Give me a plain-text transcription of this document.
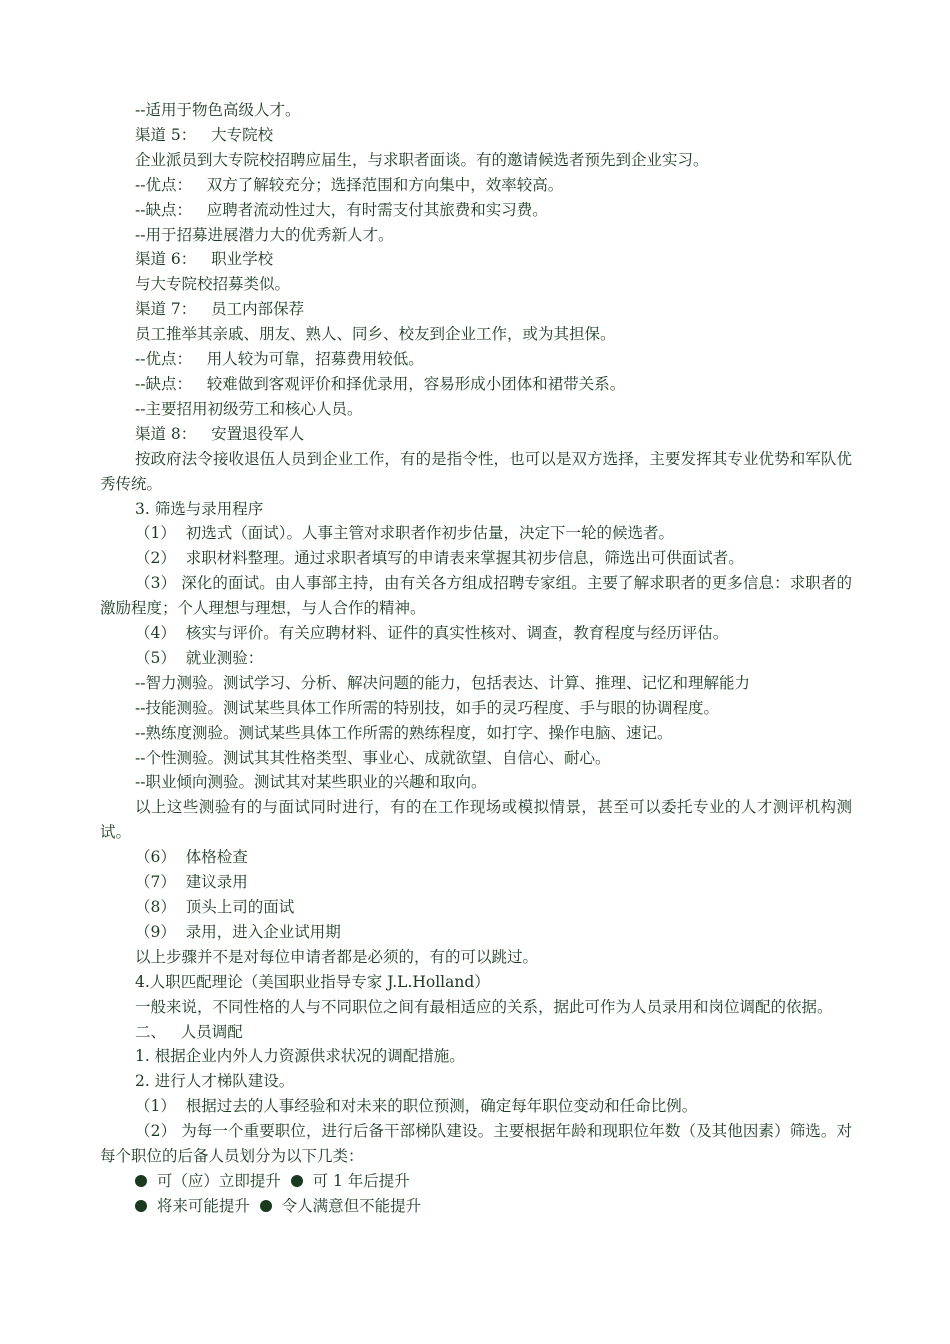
--适用于物色高级人才。
渠道 5：   大专院校
企业派员到大专院校招聘应届生，与求职者面谈。有的邀请候选者预先到企业实习。
--优点：   双方了解较充分；选择范围和方向集中，效率较高。
--缺点：   应聘者流动性过大，有时需支付其旅费和实习费。
--用于招募进展潜力大的优秀新人才。
渠道 6：   职业学校
与大专院校招募类似。
渠道 7：   员工内部保荐
员工推举其亲戚、朋友、熟人、同乡、校友到企业工作，或为其担保。
--优点：   用人较为可靠，招募费用较低。
--缺点：   较难做到客观评价和择优录用，容易形成小团体和裙带关系。
--主要招用初级劳工和核心人员。
渠道 8：   安置退役军人
按政府法令接收退伍人员到企业工作，有的是指令性，也可以是双方选择，主要发挥其专业优势和军队优秀传统。
3. 筛选与录用程序
（1）  初选式（面试）。人事主管对求职者作初步估量，决定下一轮的候选者。
（2）  求职材料整理。通过求职者填写的申请表来掌握其初步信息，筛选出可供面试者。
（3） 深化的面试。由人事部主持，由有关各方组成招聘专家组。主要了解求职者的更多信息：求职者的激励程度；个人理想与理想，与人合作的精神。
（4）  核实与评价。有关应聘材料、证件的真实性核对、调查，教育程度与经历评估。
（5）  就业测验：
--智力测验。测试学习、分析、解决问题的能力，包括表达、计算、推理、记忆和理解能力
--技能测验。测试某些具体工作所需的特别技，如手的灵巧程度、手与眼的协调程度。
--熟练度测验。测试某些具体工作所需的熟练程度，如打字、操作电脑、速记。
--个性测验。测试其其性格类型、事业心、成就欲望、自信心、耐心。
--职业倾向测验。测试其对某些职业的兴趣和取向。
以上这些测验有的与面试同时进行，有的在工作现场或模拟情景，甚至可以委托专业的人才测评机构测试。
（6）  体格检查
（7）  建议录用
（8）  顶头上司的面试
（9）  录用，进入企业试用期
以上步骤并不是对每位申请者都是必须的，有的可以跳过。
4.人职匹配理论（美国职业指导专家 J.L.Holland）
一般来说，不同性格的人与不同职位之间有最相适应的关系，据此可作为人员录用和岗位调配的依据。
二、   人员调配
1. 根据企业内外人力资源供求状况的调配措施。
2. 进行人才梯队建设。
（1）  根据过去的人事经验和对未来的职位预测，确定每年职位变动和任命比例。
（2） 为每一个重要职位，进行后备干部梯队建设。主要根据年龄和现职位年数（及其他因素）筛选。对 每个职位的后备人员划分为以下几类：
可（应）立即提升 可 1 年后提升
将来可能提升 令人满意但不能提升
